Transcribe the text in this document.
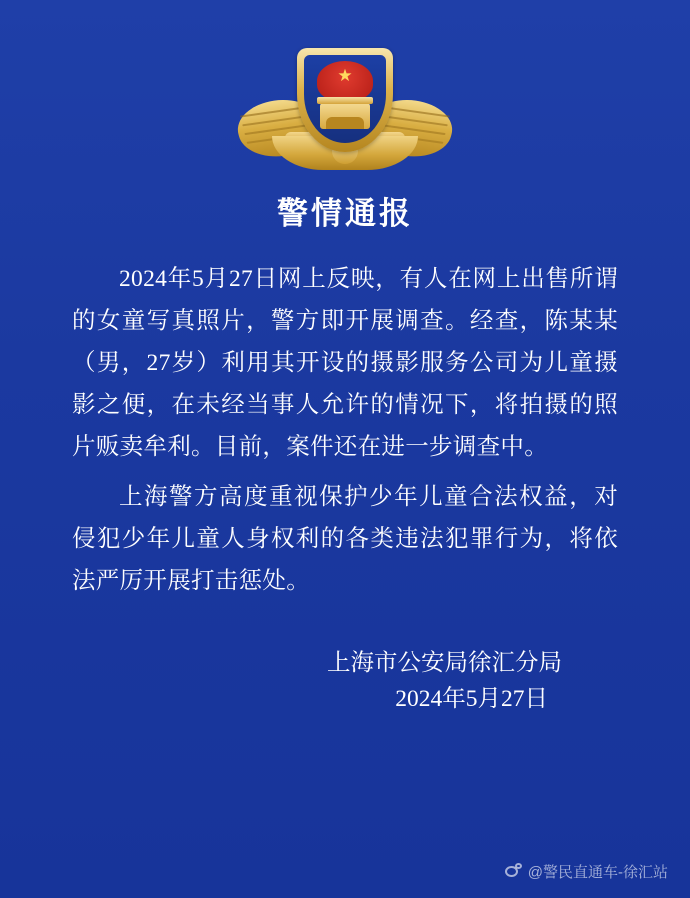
★
警情通报

2024年5月27日网上反映，有人在网上出售所谓的女童写真照片，警方即开展调查。经查，陈某某（男，27岁）利用其开设的摄影服务公司为儿童摄影之便，在未经当事人允许的情况下，将拍摄的照片贩卖牟利。目前，案件还在进一步调查中。

上海警方高度重视保护少年儿童合法权益，对侵犯少年儿童人身权利的各类违法犯罪行为，将依法严厉开展打击惩处。

上海市公安局徐汇分局
2024年5月27日
@警民直通车-徐汇站
